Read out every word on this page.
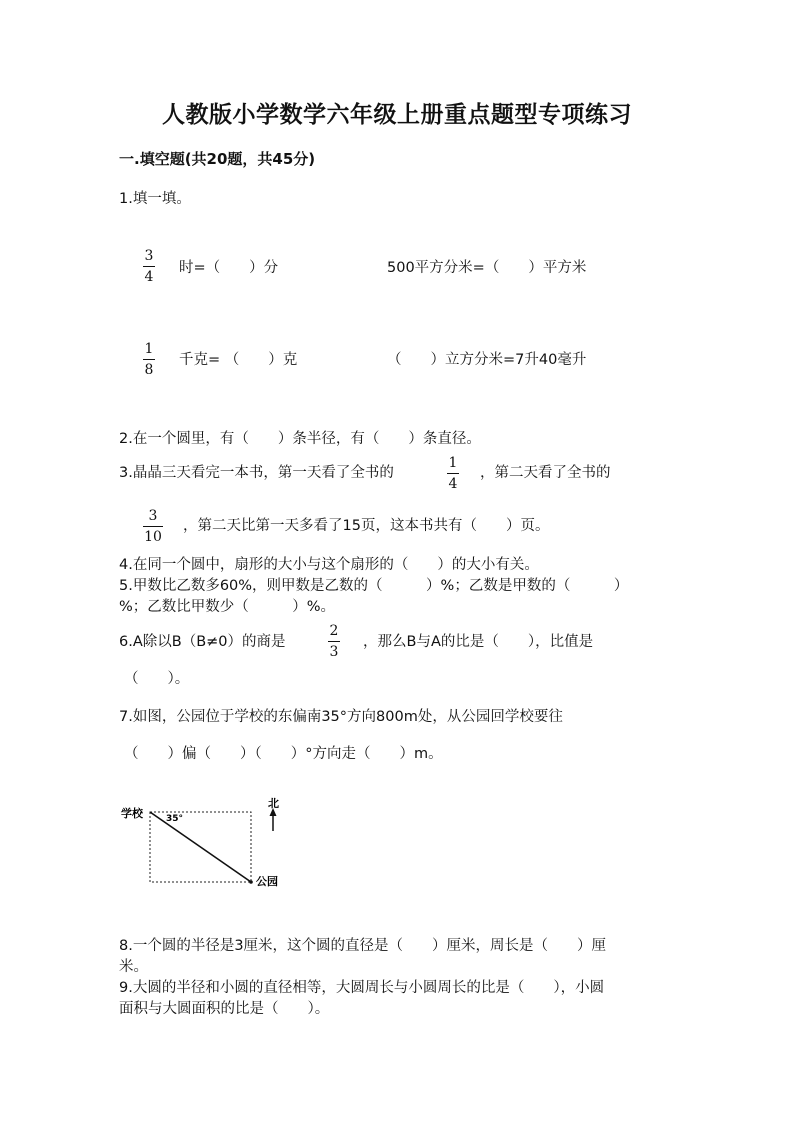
人教版小学数学六年级上册重点题型专项练习
一.填空题(共20题，共45分)
1.填一填。
3
4
时=（　　）分	500平方分米=（　　）平方米
1
8
千克= （　　）克	（　　）立方分米=7升40毫升
2.在一个圆里，有（　　）条半径，有（　　）条直径。
3.晶晶三天看完一本书，第一天看了全书的
1
4
，第二天看了全书的
3
10
，第二天比第一天多看了15页，这本书共有（　　）页。
4.在同一个圆中，扇形的大小与这个扇形的（　　）的大小有关。
5.甲数比乙数多60%，则甲数是乙数的（　　　）%；乙数是甲数的（　　　）
%；乙数比甲数少（　　　）%。
6.A除以B（B≠0）的商是
2
3
，那么B与A的比是（　　），比值是
（　　）。
7.如图，公园位于学校的东偏南35°方向800m处，从公园回学校要往
（　　）偏（　　）（　　）°方向走（　　）m。
学校	35°
公园
北
8.一个圆的半径是3厘米，这个圆的直径是（　　）厘米，周长是（　　）厘
米。
9.大圆的半径和小圆的直径相等，大圆周长与小圆周长的比是（　　），小圆
面积与大圆面积的比是（　　）。
